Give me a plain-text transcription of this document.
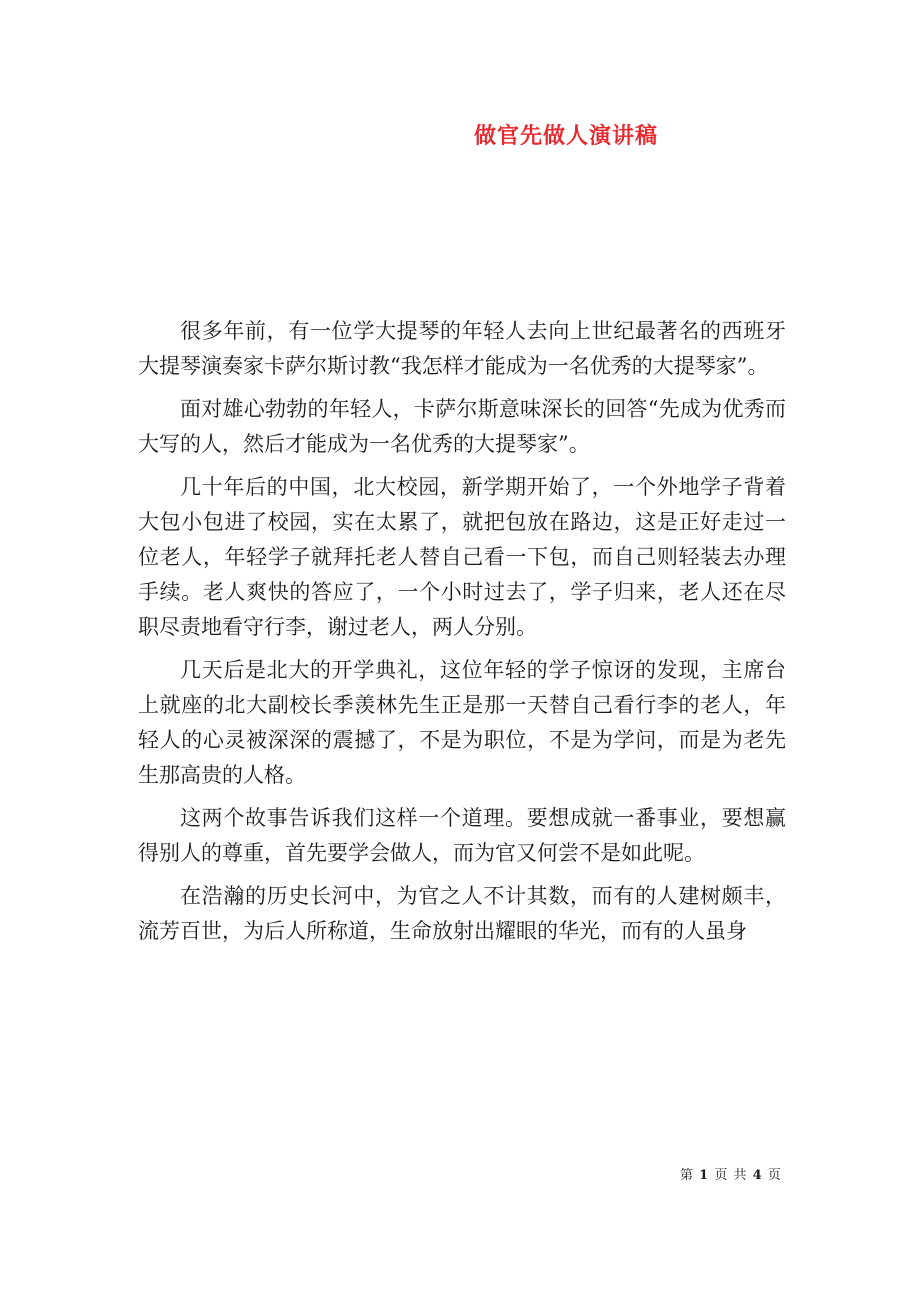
做官先做人演讲稿

很多年前，有一位学大提琴的年轻人去向上世纪最著名的西班牙大提琴演奏家卡萨尔斯讨教“我怎样才能成为一名优秀的大提琴家”。

面对雄心勃勃的年轻人，卡萨尔斯意味深长的回答“先成为优秀而大写的人，然后才能成为一名优秀的大提琴家”。

几十年后的中国，北大校园，新学期开始了，一个外地学子背着大包小包进了校园，实在太累了，就把包放在路边，这是正好走过一位老人，年轻学子就拜托老人替自己看一下包，而自己则轻装去办理手续。老人爽快的答应了，一个小时过去了，学子归来，老人还在尽职尽责地看守行李，谢过老人，两人分别。

几天后是北大的开学典礼，这位年轻的学子惊讶的发现，主席台上就座的北大副校长季羡林先生正是那一天替自己看行李的老人，年轻人的心灵被深深的震撼了，不是为职位，不是为学问，而是为老先生那高贵的人格。

这两个故事告诉我们这样一个道理。要想成就一番事业，要想赢得别人的尊重，首先要学会做人，而为官又何尝不是如此呢。

在浩瀚的历史长河中，为官之人不计其数，而有的人建树颇丰，流芳百世，为后人所称道，生命放射出耀眼的华光，而有的人虽身

第 1 页 共 4 页
